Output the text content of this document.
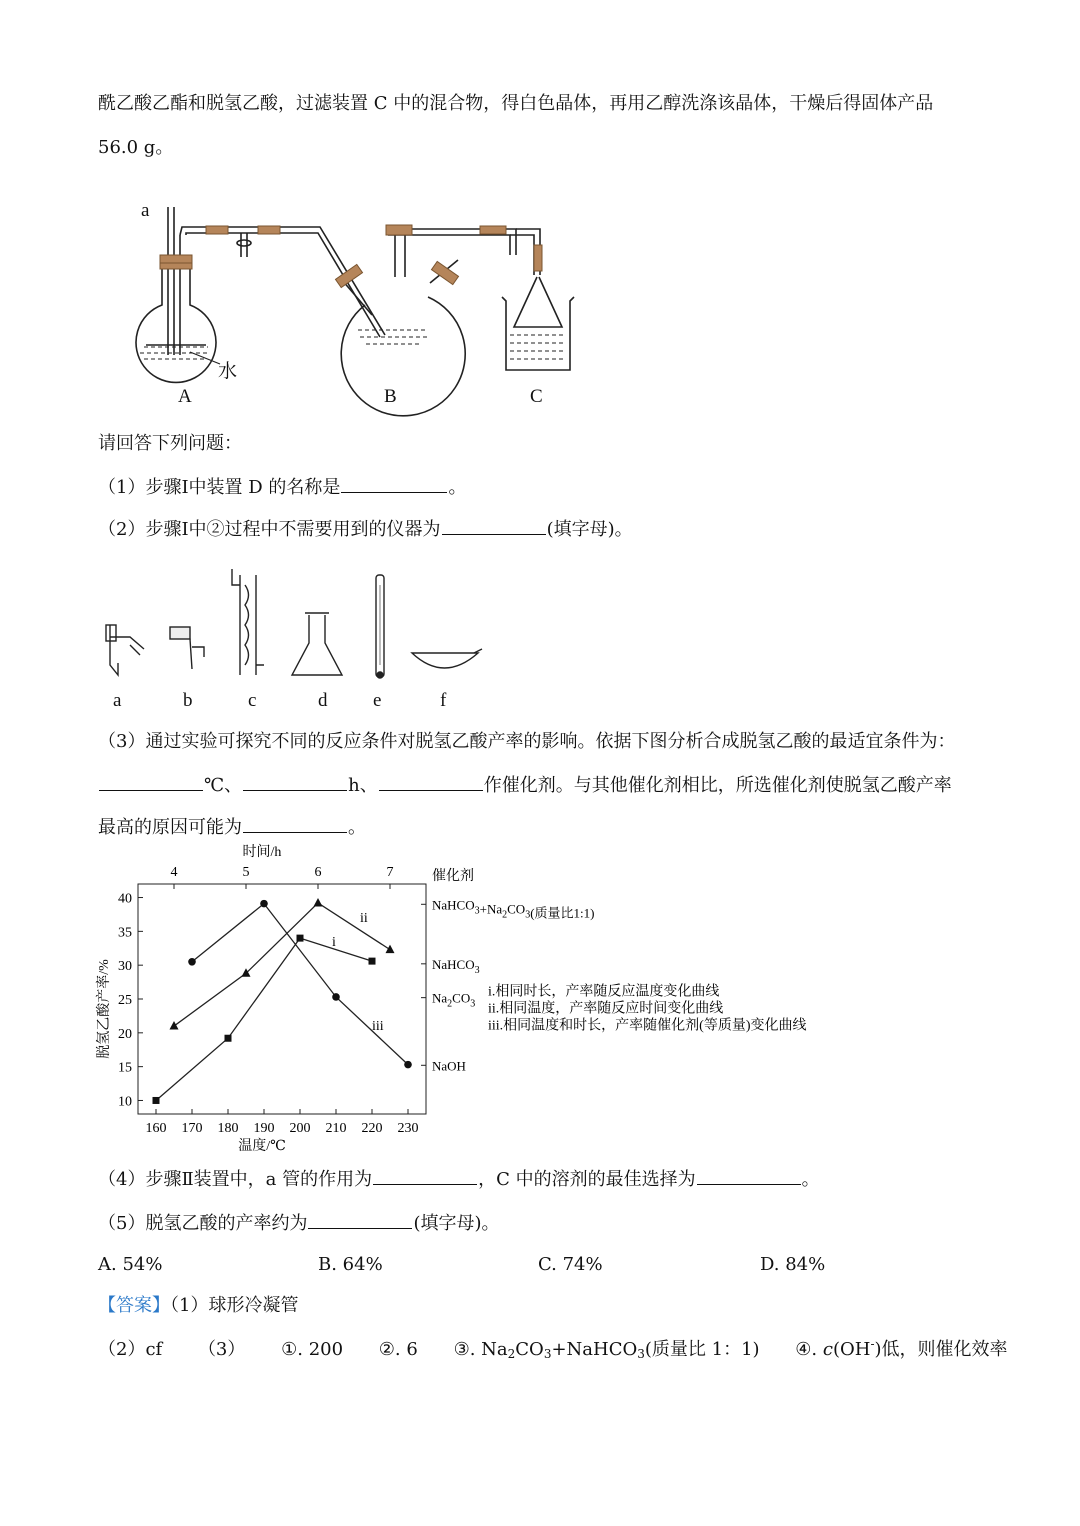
酰乙酸乙酯和脱氢乙酸，过滤装置 C 中的混合物，得白色晶体，再用乙醇洗涤该晶体，干燥后得固体产品
56.0 g。
a
水
A	B	C
请回答下列问题：
（1）步骤Ⅰ中装置 D 的名称是	。
（2）步骤Ⅰ中②过程中不需要用到的仪器为	(填字母)。
a	b	c	d e	f
（3）通过实验可探究不同的反应条件对脱氢乙酸产率的影响。依据下图分析合成脱氢乙酸的最适宜条件为：
℃、	h、	作催化剂。与其他催化剂相比，所选催化剂使脱氢乙酸产率
最高的原因可能为	。
160 170 180 190 200 210 220 230
10
15
20
25
30
35
40
4	5	6	7
$NaHCO_3+Na_2CO_3$(质量比1:1)
NaHCO$_3$
$Na_2CO_3$
NaOH
i
ii
iii
温度/℃
时间/h
脱氢乙酸产率/%
催化剂
i.相同时长，产率随反应温度变化曲线
ii.相同温度，产率随反应时间变化曲线
iii.相同温度和时长，产率随催化剂(等质量)变化曲线
（4）步骤Ⅱ装置中，a 管的作用为	，C 中的溶剂的最佳选择为	。
（5）脱氢乙酸的产率约为	(填字母)。
A. 54%	B. 64%	C. 74%	D. 84%
【答案】（1）球形冷凝管
（2）cf （3） ①. 200 ②. 6 ③. $Na_2CO_3+NaHCO_3$(质量比 1：1) ④. c(OH-)低，则催化效率
